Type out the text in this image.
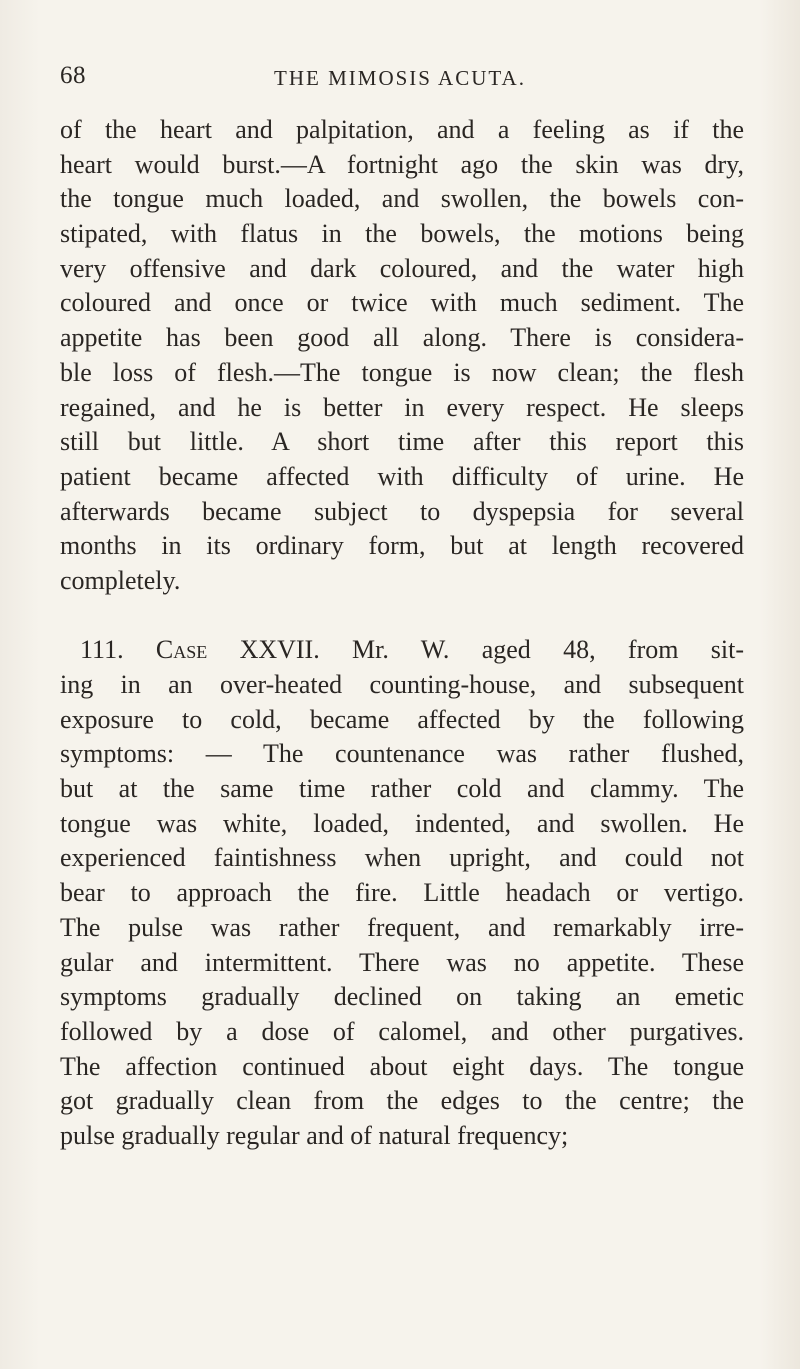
68	THE MIMOSIS ACUTA.
of the heart and palpitation, and a feeling as if the
heart would burst.—A fortnight ago the skin was dry,
the tongue much loaded, and swollen, the bowels con-
stipated, with flatus in the bowels, the motions being
very offensive and dark coloured, and the water high
coloured and once or twice with much sediment. The
appetite has been good all along. There is considera-
ble loss of flesh.—The tongue is now clean; the flesh
regained, and he is better in every respect. He sleeps
still but little. A short time after this report this
patient became affected with difficulty of urine. He
afterwards became subject to dyspepsia for several
months in its ordinary form, but at length recovered
completely.
111. Case XXVII. Mr. W. aged 48, from sit-
ing in an over-heated counting-house, and subsequent
exposure to cold, became affected by the following
symptoms: — The countenance was rather flushed,
but at the same time rather cold and clammy. The
tongue was white, loaded, indented, and swollen. He
experienced faintishness when upright, and could not
bear to approach the fire. Little headach or vertigo.
The pulse was rather frequent, and remarkably irre-
gular and intermittent. There was no appetite. These
symptoms gradually declined on taking an emetic
followed by a dose of calomel, and other purgatives.
The affection continued about eight days. The tongue
got gradually clean from the edges to the centre; the
pulse gradually regular and of natural frequency;
